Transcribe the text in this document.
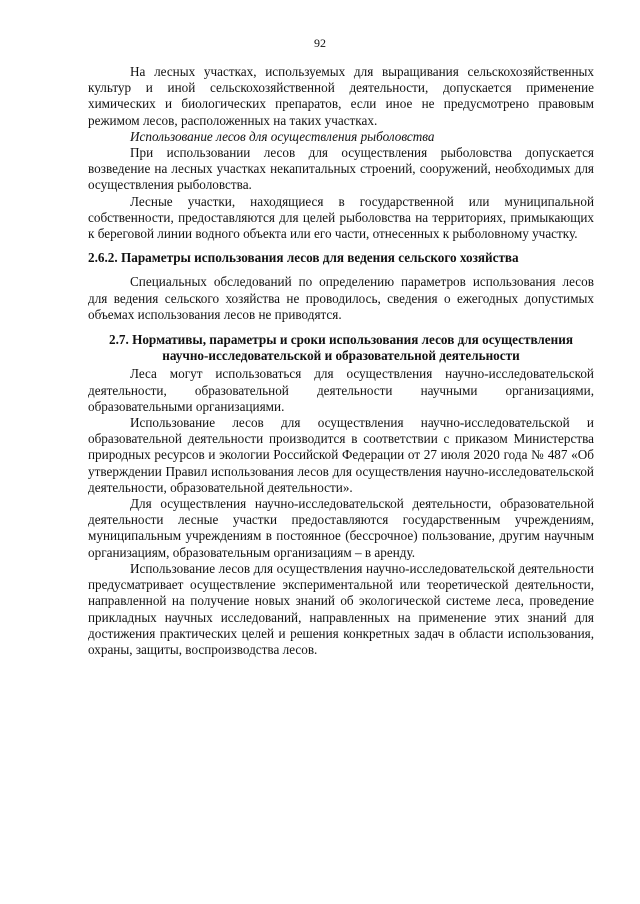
92

На лесных участках, используемых для выращивания сельскохозяйственных культур и иной сельскохозяйственной деятельности, допускается применение химических и биологических препаратов, если иное не предусмотрено правовым режимом лесов, расположенных на таких участках.

Использование лесов для осуществления рыболовства

При использовании лесов для осуществления рыболовства допускается возведение на лесных участках некапитальных строений, сооружений, необходимых для осуществления рыболовства.

Лесные участки, находящиеся в государственной или муниципальной собственности, предоставляются для целей рыболовства на территориях, примыкающих к береговой линии водного объекта или его части, отнесенных к рыболовному участку.

2.6.2. Параметры использования лесов для ведения сельского хозяйства

Специальных обследований по определению параметров использования лесов для ведения сельского хозяйства не проводилось, сведения о ежегодных допустимых объемах использования лесов не приводятся.

2.7. Нормативы, параметры и сроки использования лесов для осуществления научно-исследовательской и образовательной деятельности

Леса могут использоваться для осуществления научно-исследовательской деятельности, образовательной деятельности научными организациями, образовательными организациями.

Использование лесов для осуществления научно-исследовательской и образовательной деятельности производится в соответствии с приказом Министерства природных ресурсов и экологии Российской Федерации от 27 июля 2020 года № 487 «Об утверждении Правил использования лесов для осуществления научно-исследовательской деятельности, образовательной деятельности».

Для осуществления научно-исследовательской деятельности, образовательной деятельности лесные участки предоставляются государственным учреждениям, муниципальным учреждениям в постоянное (бессрочное) пользование, другим научным организациям, образовательным организациям – в аренду.

Использование лесов для осуществления научно-исследовательской деятельности предусматривает осуществление экспериментальной или теоретической деятельности, направленной на получение новых знаний об экологической системе леса, проведение прикладных научных исследований, направленных на применение этих знаний для достижения практических целей и решения конкретных задач в области использования, охраны, защиты, воспроизводства лесов.
